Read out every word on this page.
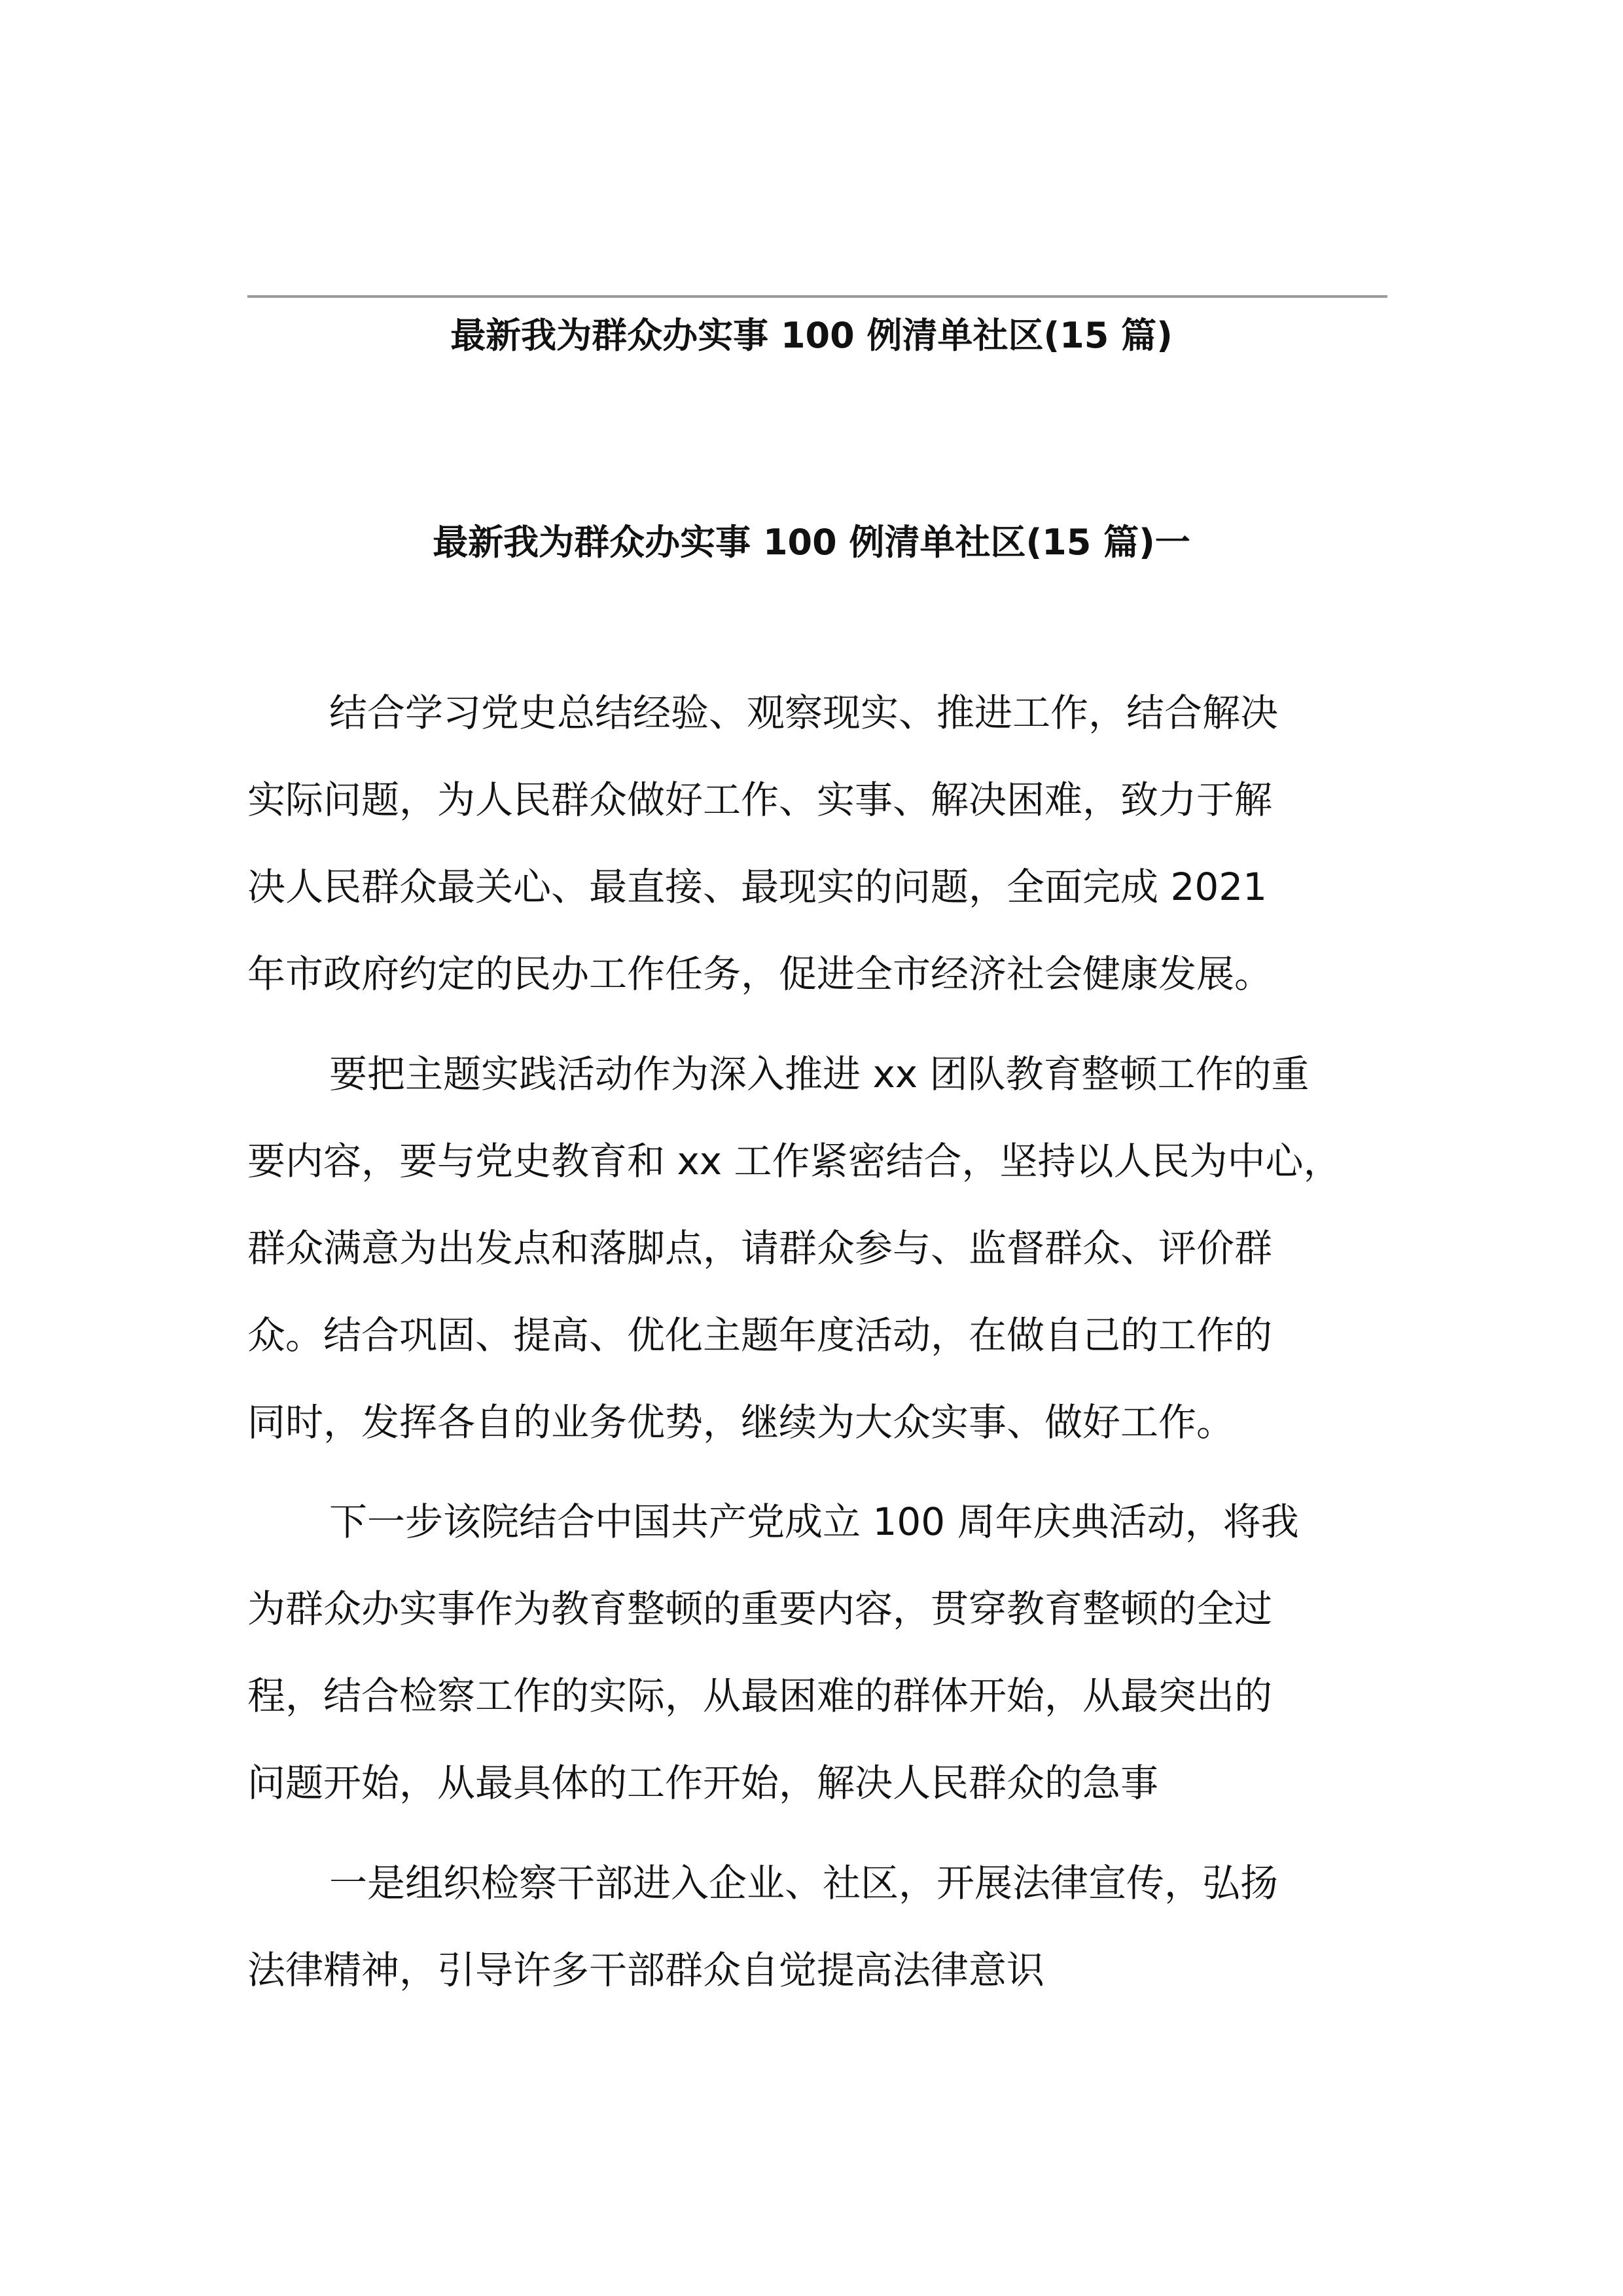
最新我为群众办实事 100 例清单社区(15 篇)
最新我为群众办实事 100 例清单社区(15 篇)一
结合学习党史总结经验、观察现实、推进工作，结合解决
实际问题，为人民群众做好工作、实事、解决困难，致力于解
决人民群众最关心、最直接、最现实的问题，全面完成 2021
年市政府约定的民办工作任务，促进全市经济社会健康发展。
要把主题实践活动作为深入推进 xx 团队教育整顿工作的重
要内容，要与党史教育和 xx 工作紧密结合，坚持以人民为中心，
群众满意为出发点和落脚点，请群众参与、监督群众、评价群
众。结合巩固、提高、优化主题年度活动，在做自己的工作的
同时，发挥各自的业务优势，继续为大众实事、做好工作。
下一步该院结合中国共产党成立 100 周年庆典活动，将我
为群众办实事作为教育整顿的重要内容，贯穿教育整顿的全过
程，结合检察工作的实际，从最困难的群体开始，从最突出的
问题开始，从最具体的工作开始，解决人民群众的急事
一是组织检察干部进入企业、社区，开展法律宣传，弘扬
法律精神，引导许多干部群众自觉提高法律意识
